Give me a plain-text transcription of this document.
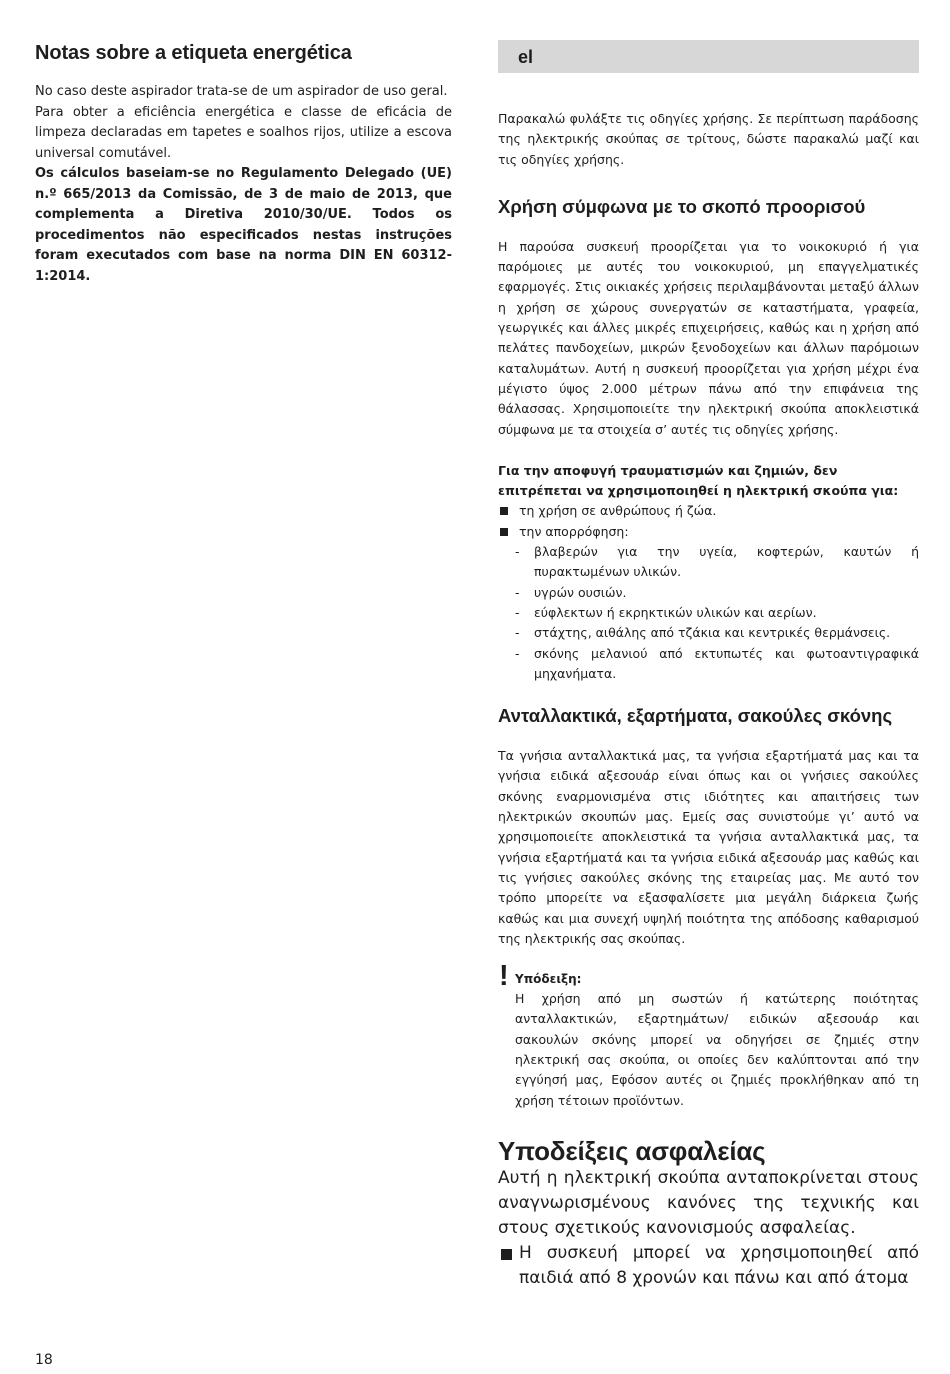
Notas sobre a etiqueta energética

No caso deste aspirador trata-se de um aspirador de uso geral.

Para obter a eficiência energética e classe de eficácia de limpeza declaradas em tapetes e soalhos rijos, utilize a escova universal comutável.

Os cálculos baseiam-se no Regulamento Delegado (UE) n.º 665/2013 da Comissão, de 3 de maio de 2013, que complementa a Diretiva 2010/30/UE. Todos os procedimentos não especificados nestas instruções foram executados com base na norma DIN EN 60312-1:2014.

el

Παρακαλώ φυλάξτε τις οδηγίες χρήσης. Σε περίπτωση παράδοσης της ηλεκτρικής σκούπας σε τρίτους, δώστε παρακαλώ μαζί και τις οδηγίες χρήσης.

Χρήση σύμφωνα με το σκοπό προορισού

Η παρούσα συσκευή προορίζεται για το νοικοκυριό ή για παρόμοιες με αυτές του νοικοκυριού, μη επαγγελματικές εφαρμογές. Στις οικιακές χρήσεις περιλαμβάνονται μεταξύ άλλων η χρήση σε χώρους συνεργατών σε καταστήματα, γραφεία, γεωργικές και άλλες μικρές επιχειρήσεις, καθώς και η χρήση από πελάτες πανδοχείων, μικρών ξενοδοχείων και άλλων παρόμοιων καταλυμάτων. Αυτή η συσκευή προορίζεται για χρήση μέχρι ένα μέγιστο ύψος 2.000 μέτρων πάνω από την επιφάνεια της θάλασσας. Χρησιμοποιείτε την ηλεκτρική σκούπα αποκλειστικά σύμφωνα με τα στοιχεία σ’ αυτές τις οδηγίες χρήσης.

Για την αποφυγή τραυματισμών και ζημιών, δεν επιτρέπεται να χρησιμοποιηθεί η ηλεκτρική σκούπα για:

τη χρήση σε ανθρώπους ή ζώα.
την απορρόφηση:
- βλαβερών για την υγεία, κοφτερών, καυτών ή πυρακτωμένων υλικών.
- υγρών ουσιών.
- εύφλεκτων ή εκρηκτικών υλικών και αερίων.
- στάχτης, αιθάλης από τζάκια και κεντρικές θερμάνσεις.
- σκόνης μελανιού από εκτυπωτές και φωτοαντιγραφικά μηχανήματα.
Ανταλλακτικά, εξαρτήματα, σακούλες σκόνης

Τα γνήσια ανταλλακτικά μας, τα γνήσια εξαρτήματά μας και τα γνήσια ειδικά αξεσουάρ είναι όπως και οι γνήσιες σακούλες σκόνης εναρμονισμένα στις ιδιότητες και απαιτήσεις των ηλεκτρικών σκουπών μας. Εμείς σας συνιστούμε γι’ αυτό να χρησιμοποιείτε αποκλειστικά τα γνήσια ανταλλακτικά μας, τα γνήσια εξαρτήματά και τα γνήσια ειδικά αξεσουάρ μας καθώς και τις γνήσιες σακούλες σκόνης της εταιρείας μας. Με αυτό τον τρόπο μπορείτε να εξασφαλίσετε μια μεγάλη διάρκεια ζωής καθώς και μια συνεχή υψηλή ποιότητα της απόδοσης καθαρισμού της ηλεκτρικής σας σκούπας.

! Υπόδειξη:

Η χρήση από μη σωστών ή κατώτερης ποιότητας ανταλλακτικών, εξαρτημάτων/ ειδικών αξεσουάρ και σακουλών σκόνης μπορεί να οδηγήσει σε ζημιές στην ηλεκτρική σας σκούπα, οι οποίες δεν καλύπτονται από την εγγύησή μας, Εφόσον αυτές οι ζημιές προκλήθηκαν από τη χρήση τέτοιων προϊόντων.

Υποδείξεις ασφαλείας

Αυτή η ηλεκτρική σκούπα ανταποκρίνεται στους αναγνωρισμένους κανόνες της τεχνικής και στους σχετικούς κανονισμούς ασφαλείας.

Η συσκευή μπορεί να χρησιμοποιηθεί από παιδιά από 8 χρονών και πάνω και από άτομα
18
